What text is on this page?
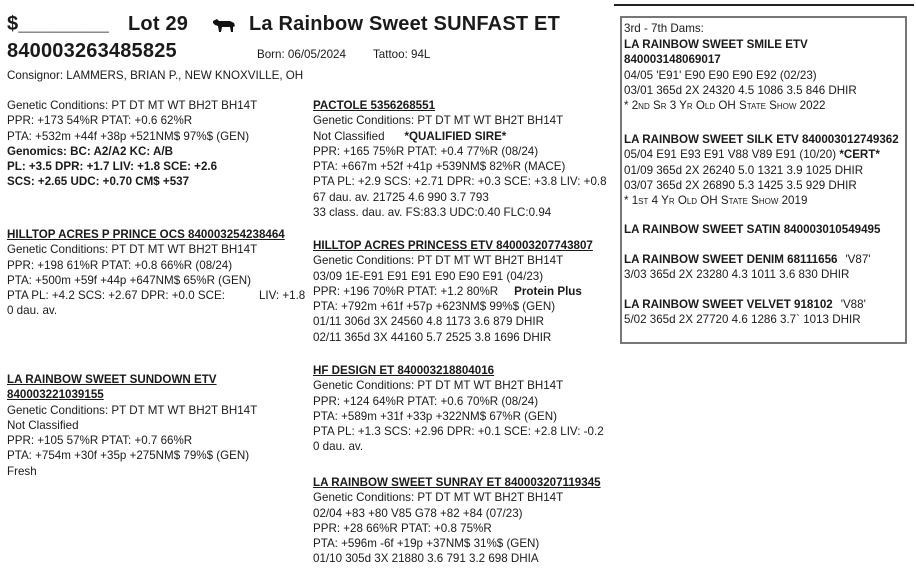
$________ Lot 29	La Rainbow Sweet SUNFAST ET
840003263485825	Born: 06/05/2024 Tattoo: 94L
Consignor: LAMMERS, BRIAN P., NEW KNOXVILLE, OH
Genetic Conditions: PT DT MT WT BH2T BH14T
PPR: +173 54%R PTAT: +0.6 62%R
PTA: +532m +44f +38p +521NM$ 97%$ (GEN)
Genomics: BC: A2/A2 KC: A/B
PL: +3.5 DPR: +1.7 LIV: +1.8 SCE: +2.6
SCS: +2.65 UDC: +0.70 CM$ +537
PACTOLE 5356268551
Genetic Conditions: PT DT MT WT BH2T BH14T
Not Classified *QUALIFIED SIRE*
PPR: +165 75%R PTAT: +0.4 77%R (08/24)
PTA: +667m +52f +41p +539NM$ 82%R (MACE)
PTA PL: +2.9 SCS: +2.71 DPR: +0.3 SCE: +3.8 LIV: +0.8
67 dau. av. 21725 4.6 990 3.7 793
33 class. dau. av. FS:83.3 UDC:0.40 FLC:0.94
HILLTOP ACRES P PRINCE OCS 840003254238464
Genetic Conditions: PT DT MT WT BH2T BH14T
PPR: +198 61%R PTAT: +0.8 66%R (08/24)
PTA: +500m +59f +44p +647NM$ 65%R (GEN)
PTA PL: +4.2 SCS: +2.67 DPR: +0.0 SCE:	LIV: +1.8
0 dau. av.
HILLTOP ACRES PRINCESS ETV 840003207743807
Genetic Conditions: PT DT MT WT BH2T BH14T
03/09 1E-E91 E91 E91 E90 E90 E91 (04/23)
PPR: +196 70%R PTAT: +1.2 80%R Protein Plus
PTA: +792m +61f +57p +623NM$ 99%$ (GEN)
01/11 306d 3X 24560 4.8 1173 3.6 879 DHIR
02/11 365d 3X 44160 5.7 2525 3.8 1696 DHIR
LA RAINBOW SWEET SUNDOWN ETV
840003221039155
Genetic Conditions: PT DT MT WT BH2T BH14T
Not Classified
PPR: +105 57%R PTAT: +0.7 66%R
PTA: +754m +30f +35p +275NM$ 79%$ (GEN)
Fresh
HF DESIGN ET 840003218804016
Genetic Conditions: PT DT MT WT BH2T BH14T
PPR: +124 64%R PTAT: +0.6 70%R (08/24)
PTA: +589m +31f +33p +322NM$ 67%R (GEN)
PTA PL: +1.3 SCS: +2.96 DPR: +0.1 SCE: +2.8 LIV: -0.2
0 dau. av.
LA RAINBOW SWEET SUNRAY ET 840003207119345
Genetic Conditions: PT DT MT WT BH2T BH14T
02/04 +83 +80 V85 G78 +82 +84 (07/23)
PPR: +28 66%R PTAT: +0.8 75%R
PTA: +596m -6f +19p +37NM$ 31%$ (GEN)
01/10 305d 3X 21880 3.6 791 3.2 698 DHIA
3rd - 7th Dams:
LA RAINBOW SWEET SMILE ETV
840003148069017
04/05 'E91' E90 E90 E90 E92 (02/23)
03/01 365d 2X 24320 4.5 1086 3.5 846 DHIR
* 2nd Sr 3 Yr Old OH State Show 2022
LA RAINBOW SWEET SILK ETV 840003012749362
05/04 E91 E93 E91 V88 V89 E91 (10/20) *CERT*
01/09 365d 2X 26240 5.0 1321 3.9 1025 DHIR
03/07 365d 2X 26890 5.3 1425 3.5 929 DHIR
* 1st 4 Yr Old OH State Show 2019
LA RAINBOW SWEET SATIN 840003010549495
LA RAINBOW SWEET DENIM 68111656 'V87'
3/03 365d 2X 23280 4.3 1011 3.6 830 DHIR
LA RAINBOW SWEET VELVET 918102 'V88'
5/02 365d 2X 27720 4.6 1286 3.7` 1013 DHIR
